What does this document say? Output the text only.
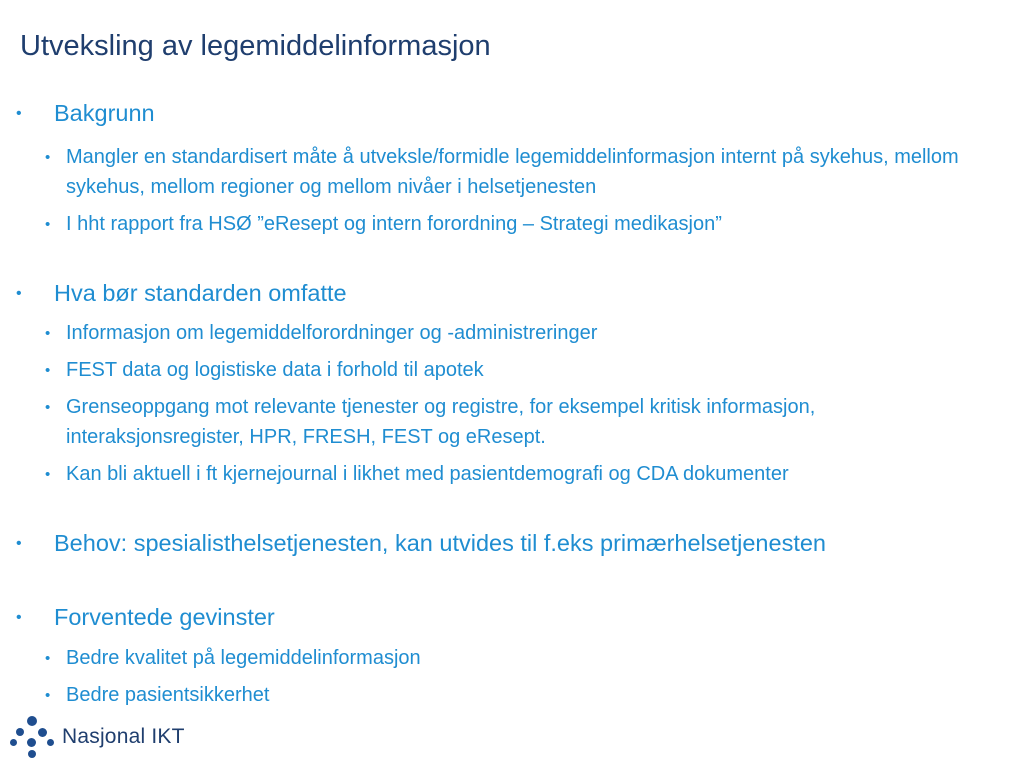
Utveksling av legemiddelinformasjon
• Bakgrunn
• Mangler en standardisert måte å utveksle/formidle legemiddelinformasjon internt på sykehus, mellom sykehus, mellom regioner og mellom nivåer i helsetjenesten
• I hht rapport fra HSØ ”eResept og intern forordning – Strategi medikasjon”
• Hva bør standarden omfatte
• Informasjon om legemiddelforordninger og -administreringer
• FEST data og logistiske data i forhold til apotek
• Grenseoppgang mot relevante tjenester og registre, for eksempel kritisk informasjon, interaksjonsregister, HPR, FRESH, FEST og eResept.
• Kan bli aktuell i ft kjernejournal i likhet med pasientdemografi og CDA dokumenter
• Behov: spesialisthelsetjenesten, kan utvides til f.eks primærhelsetjenesten
• Forventede gevinster
• Bedre kvalitet på legemiddelinformasjon
• Bedre pasientsikkerhet
Nasjonal IKT
